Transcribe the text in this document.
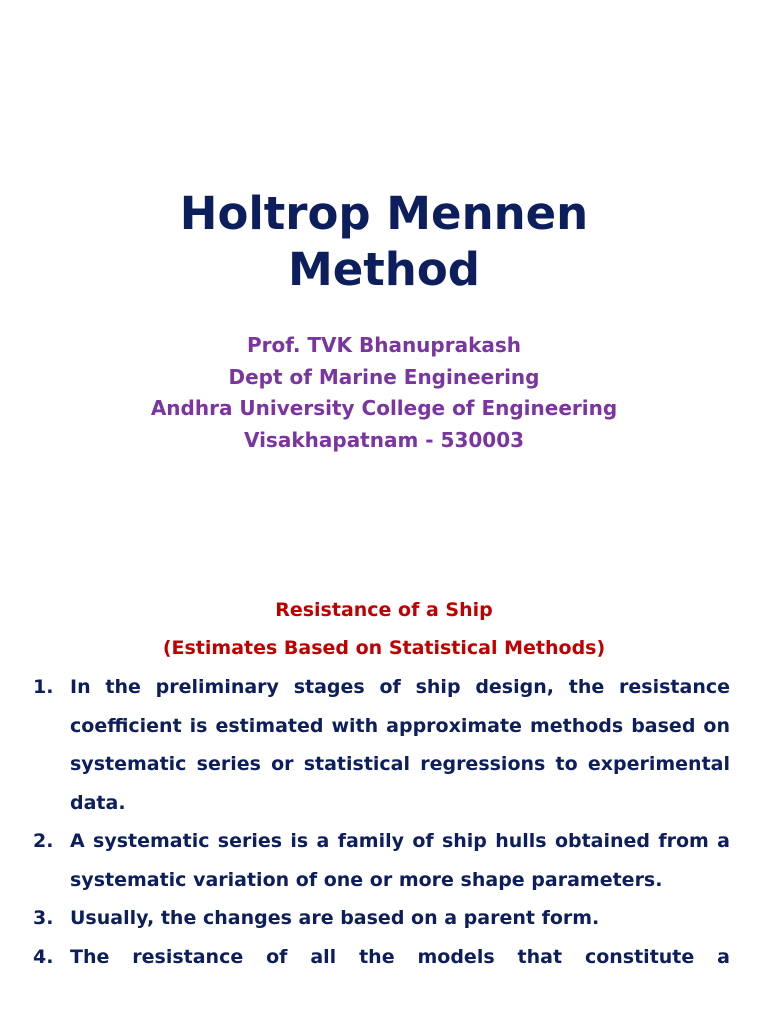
Holtrop Mennen
Method
Prof. TVK Bhanuprakash
Dept of Marine Engineering
Andhra University College of Engineering
Visakhapatnam - 530003
Resistance of a Ship
(Estimates Based on Statistical Methods)
1. In the preliminary stages of ship design, the resistance coefficient is estimated with approximate methods based on systematic series or statistical regressions to experimental data.
2. A systematic series is a family of ship hulls obtained from a systematic variation of one or more shape parameters.
3. Usually, the changes are based on a parent form.
4. The resistance of all the models that constitute a
